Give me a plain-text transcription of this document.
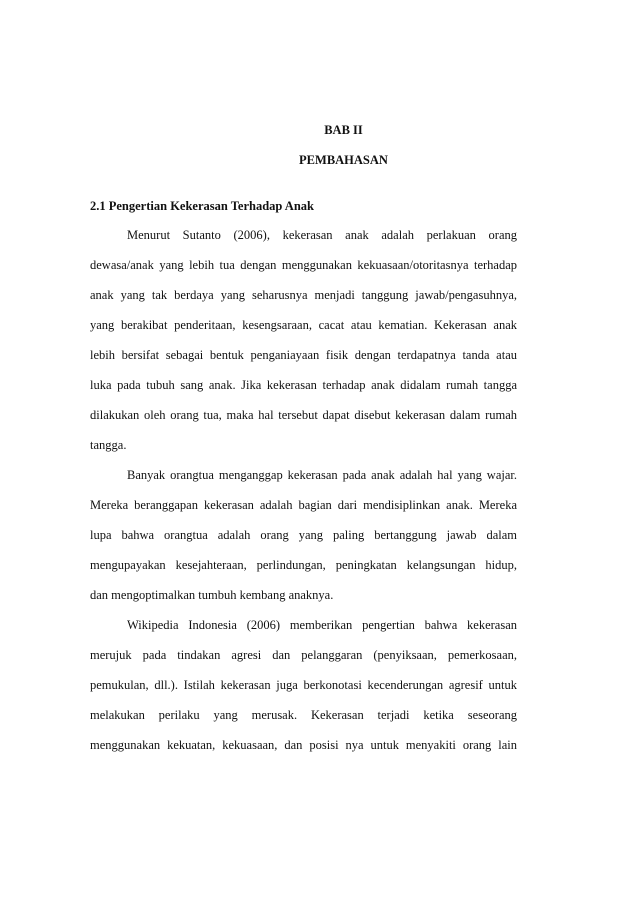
BAB II
PEMBAHASAN
2.1 Pengertian Kekerasan Terhadap Anak

Menurut Sutanto (2006), kekerasan anak adalah perlakuan orang

dewasa/anak yang lebih tua dengan menggunakan kekuasaan/otoritasnya terhadap

anak yang tak berdaya yang seharusnya menjadi tanggung jawab/pengasuhnya,

yang berakibat penderitaan, kesengsaraan, cacat atau kematian. Kekerasan anak

lebih bersifat sebagai bentuk penganiayaan fisik dengan terdapatnya tanda atau

luka pada tubuh sang anak. Jika kekerasan terhadap anak didalam rumah tangga

dilakukan oleh orang tua, maka hal tersebut dapat disebut kekerasan dalam rumah

tangga.

Banyak orangtua menganggap kekerasan pada anak adalah hal yang wajar.

Mereka beranggapan kekerasan adalah bagian dari mendisiplinkan anak. Mereka

lupa bahwa orangtua adalah orang yang paling bertanggung jawab dalam

mengupayakan kesejahteraan, perlindungan, peningkatan kelangsungan hidup,

dan mengoptimalkan tumbuh kembang anaknya.

Wikipedia Indonesia (2006) memberikan pengertian bahwa kekerasan

merujuk pada tindakan agresi dan pelanggaran (penyiksaan, pemerkosaan,

pemukulan, dll.). Istilah kekerasan juga berkonotasi kecenderungan agresif untuk

melakukan perilaku yang merusak. Kekerasan terjadi ketika seseorang

menggunakan kekuatan, kekuasaan, dan posisi nya untuk menyakiti orang lain
